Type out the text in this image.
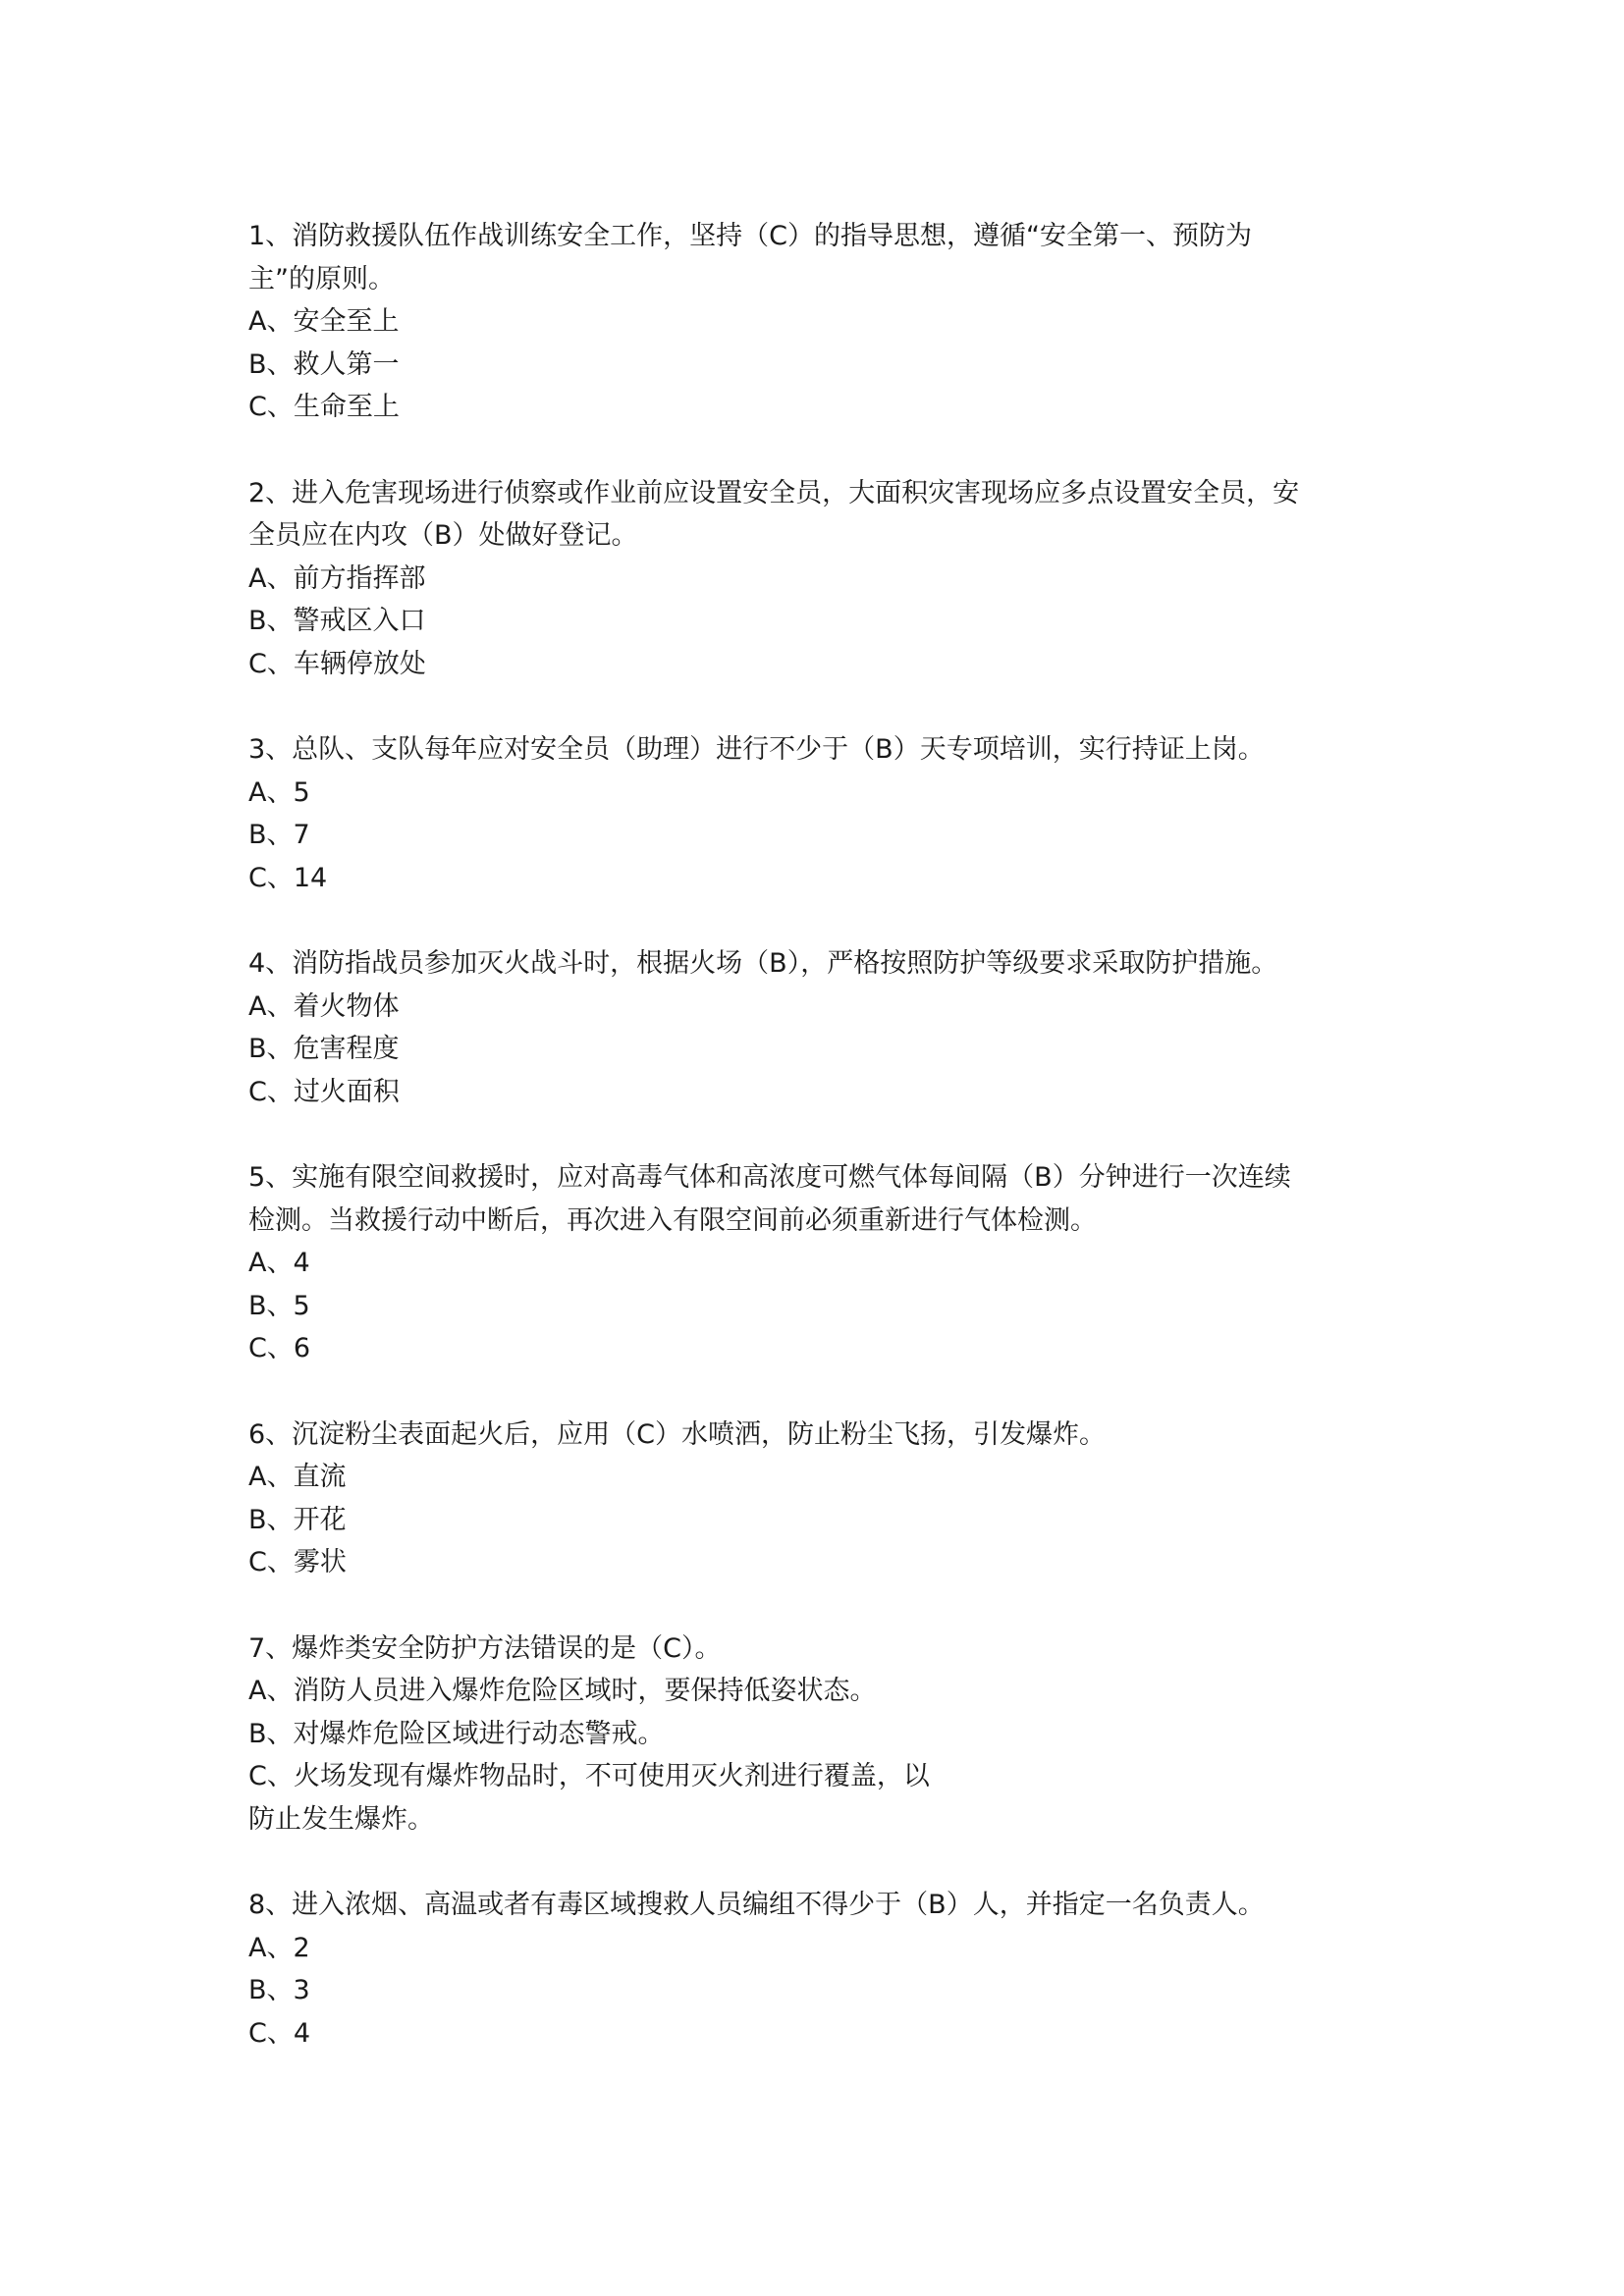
1、消防救援队伍作战训练安全工作，坚持（C）的指导思想，遵循“安全第一、预防为
主”的原则。
A、安全至上
B、救人第一
C、生命至上
2、进入危害现场进行侦察或作业前应设置安全员，大面积灾害现场应多点设置安全员，安
全员应在内攻（B）处做好登记。
A、前方指挥部
B、警戒区入口
C、车辆停放处
3、总队、支队每年应对安全员（助理）进行不少于（B）天专项培训，实行持证上岗。
A、5
B、7
C、14
4、消防指战员参加灭火战斗时，根据火场（B），严格按照防护等级要求采取防护措施。
A、着火物体
B、危害程度
C、过火面积
5、实施有限空间救援时，应对高毒气体和高浓度可燃气体每间隔（B）分钟进行一次连续
检测。当救援行动中断后，再次进入有限空间前必须重新进行气体检测。
A、4
B、5
C、6
6、沉淀粉尘表面起火后，应用（C）水喷洒，防止粉尘飞扬，引发爆炸。
A、直流
B、开花
C、雾状
7、爆炸类安全防护方法错误的是（C）。
A、消防人员进入爆炸危险区域时，要保持低姿状态。
B、对爆炸危险区域进行动态警戒。
C、火场发现有爆炸物品时，不可使用灭火剂进行覆盖，以
防止发生爆炸。
8、进入浓烟、高温或者有毒区域搜救人员编组不得少于（B）人，并指定一名负责人。
A、2
B、3
C、4
